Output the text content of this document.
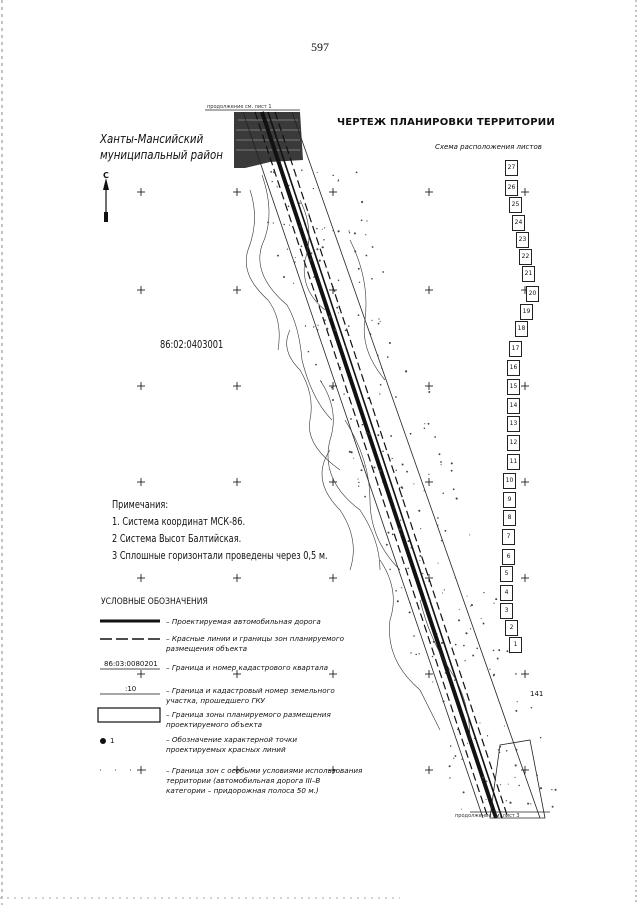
597
Ханты-Мансийский
муниципальный район
С
ЧЕРТЕЖ ПЛАНИРОВКИ ТЕРРИТОРИИ
Схема расположения листов
86:02:0403001
продолжение см. лист 1
продолжение см. лист 3
141
27
26
25
24
23
22
21
20
19
18
17
16
15
14
13
12
11
10
9
8
7
6
5
4
3
2
1
Примечания:
1. Система координат МСК-86.
2 Система Высот Балтийская.
3 Сплошные горизонтали проведены через 0,5 м.
УСЛОВНЫЕ ОБОЗНАЧЕНИЯ
– Проектируемая автомобильная дорога
– Красные линии и границы зон планируемого
размещения объекта
86:03:0080201 – Граница и номер кадастрового квартала
:10	– Граница и кадастровый номер земельного
участка, прошедшего ГКУ
– Граница зоны планируемого размещения
проектируемого объекта
1	– Обозначение характерной точки
проектируемых красных линий
– Граница зон с особыми условиями использования
территории (автомобильная дорога III–В
категории – придорожная полоса 50 м.)
